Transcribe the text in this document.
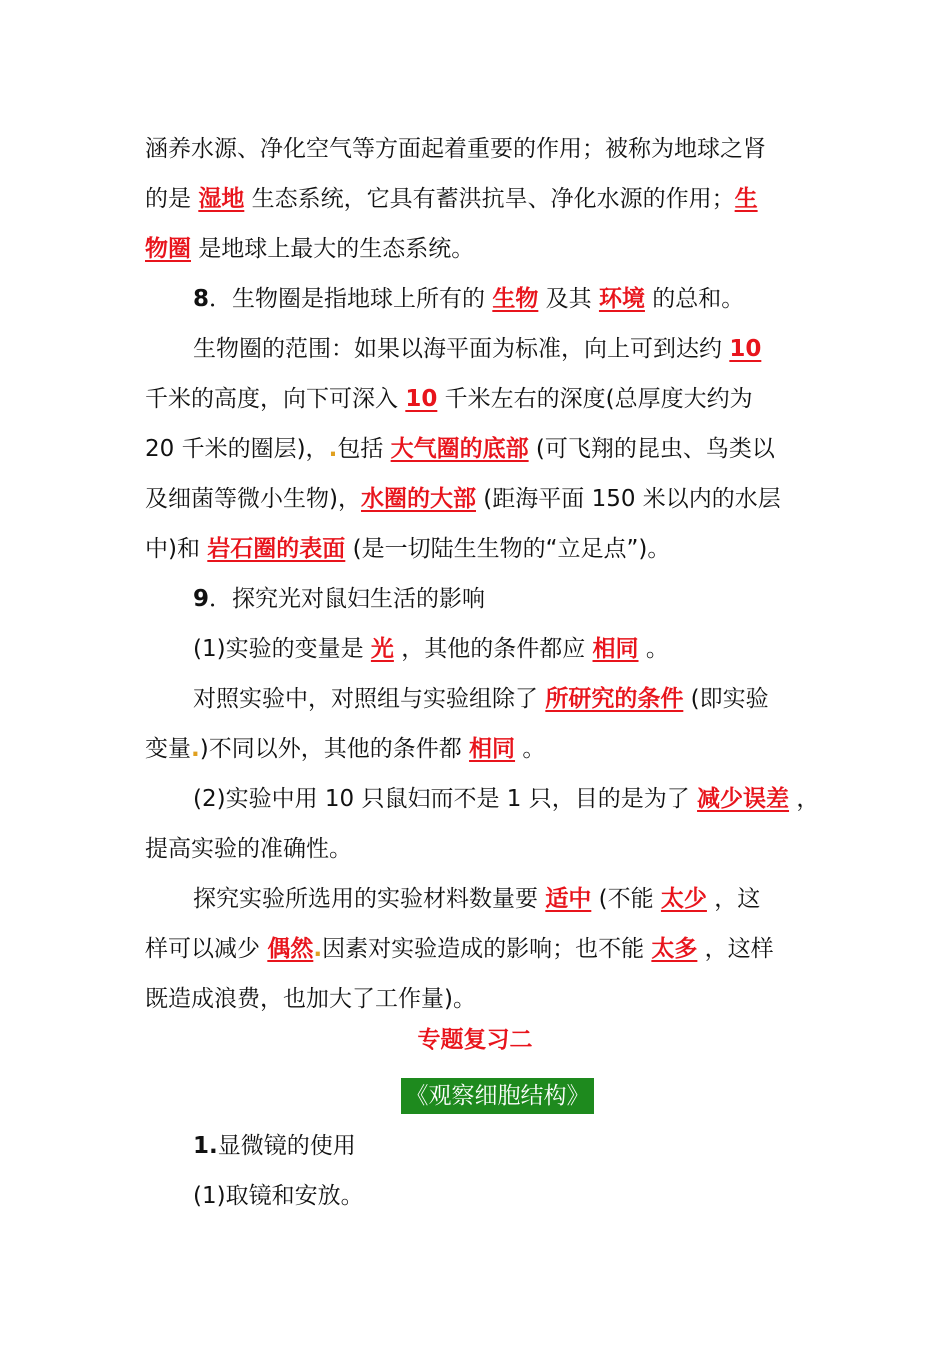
涵养水源、净化空气等方面起着重要的作用；被称为地球之肾
的是 湿地 生态系统，它具有蓄洪抗旱、净化水源的作用；生
物圈 是地球上最大的生态系统。
8．生物圈是指地球上所有的 生物 及其 环境 的总和。
生物圈的范围：如果以海平面为标准，向上可到达约 10
千米的高度，向下可深入 10 千米左右的深度(总厚度大约为
20 千米的圈层)，.包括 大气圈的底部 (可飞翔的昆虫、鸟类以
及细菌等微小生物)，水圈的大部 (距海平面 150 米以内的水层
中)和 岩石圈的表面 (是一切陆生生物的“立足点”)。
9．探究光对鼠妇生活的影响
(1)实验的变量是 光 ，其他的条件都应 相同 。
对照实验中，对照组与实验组除了 所研究的条件 (即实验
变量.)不同以外，其他的条件都 相同 。
(2)实验中用 10 只鼠妇而不是 1 只，目的是为了 减少误差 ，
提高实验的准确性。
探究实验所选用的实验材料数量要 适中 (不能 太少 ，这
样可以减少 偶然.因素对实验造成的影响；也不能 太多 ，这样
既造成浪费，也加大了工作量)。
专题复习二
《观察细胞结构》
1.显微镜的使用
(1)取镜和安放。
